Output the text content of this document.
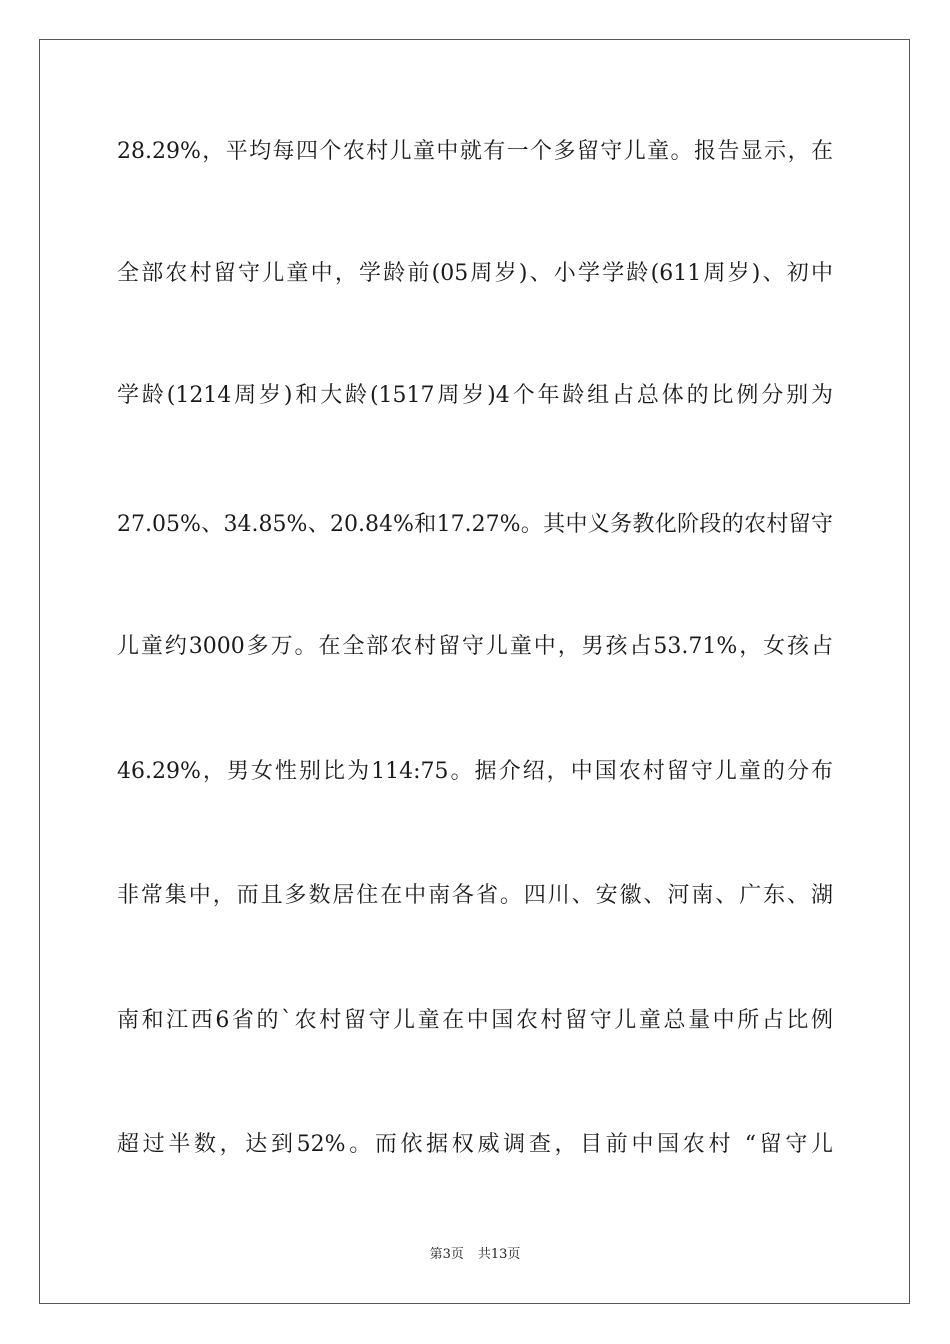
28.29%，平均每四个农村儿童中就有一个多留守儿童。报告显示，在
全部农村留守儿童中，学龄前(05周岁)、小学学龄(611周岁)、初中
学龄(1214周岁)和大龄(1517周岁)4个年龄组占总体的比例分别为
27.05%、34.85%、20.84%和17.27%。其中义务教化阶段的农村留守
儿童约3000多万。在全部农村留守儿童中，男孩占53.71%，女孩占
46.29%，男女性别比为114:75。据介绍，中国农村留守儿童的分布
非常集中，而且多数居住在中南各省。四川、安徽、河南、广东、湖
南和江西6省的`农村留守儿童在中国农村留守儿童总量中所占比例
超过半数，达到52%。而依据权威调查，目前中国农村 “留守儿
第3页 共13页
